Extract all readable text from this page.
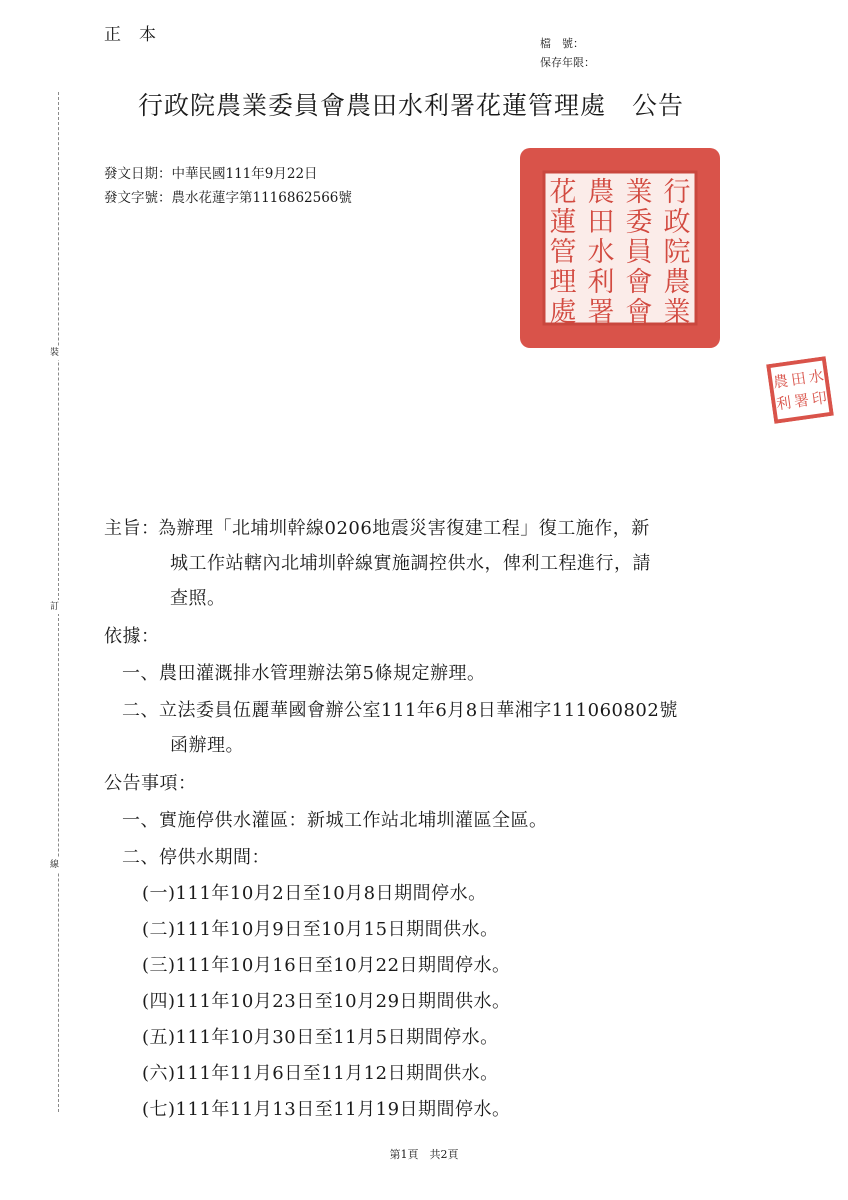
正本	檔　號：
保存年限：
行政院農業委員會農田水利署花蓮管理處 公告
發文日期：中華民國111年9月22日
發文字號：農水花蓮字第1116862566號
裝
訂
線
花 農 業 行
蓮 田 委 政
管 水 員 院
理 利 會 農
處 署 會 業
農 田 水
利 署 印
主旨：
為辦理「北埔圳幹線0206地震災害復建工程」復工施作，新
城工作站轄內北埔圳幹線實施調控供水，俾利工程進行，請
查照。
依據：
一、農田灌溉排水管理辦法第5條規定辦理。
二、立法委員伍麗華國會辦公室111年6月8日華湘字111060802號
函辦理。
公告事項：
一、實施停供水灌區：新城工作站北埔圳灌區全區。
二、停供水期間：
(一)111年10月2日至10月8日期間停水。
(二)111年10月9日至10月15日期間供水。
(三)111年10月16日至10月22日期間停水。
(四)111年10月23日至10月29日期間供水。
(五)111年10月30日至11月5日期間停水。
(六)111年11月6日至11月12日期間供水。
(七)111年11月13日至11月19日期間停水。
第1頁　共2頁
